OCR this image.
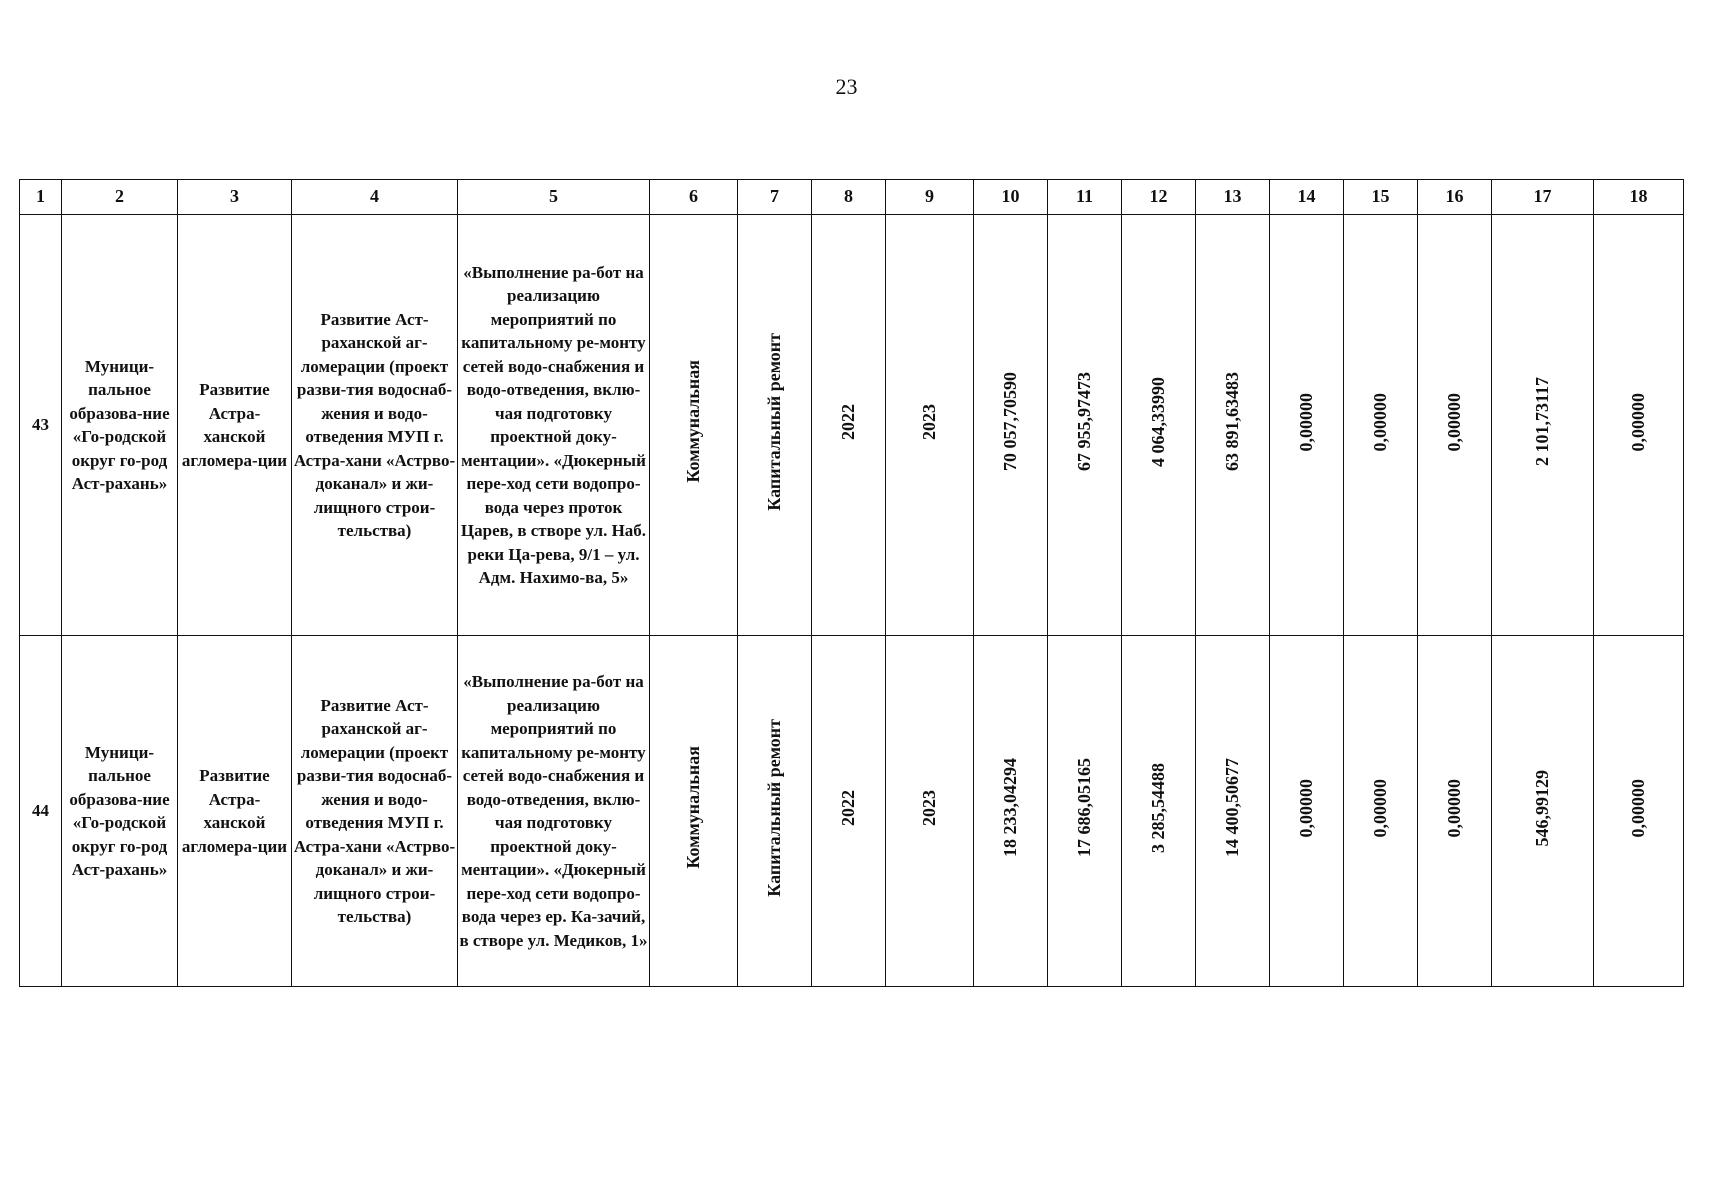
23
1	2	3	4	5	6	7	8	9	10	11	12	13	14	15	16	17	18
43	Муници-пальное образова-ние «Го-родской округ го-род Аст-рахань»	Развитие Астра-ханской агломера-ции	Развитие Аст-раханской аг-ломерации (проект разви-тия водоснаб-жения и водо-отведения МУП г. Астра-хани «Астрво-доканал» и жи-лищного строи-тельства)	«Выполнение ра-бот на реализацию мероприятий по капитальному ре-монту сетей водо-снабжения и водо-отведения, вклю-чая подготовку проектной доку-ментации». «Дюкерный пере-ход сети водопро-вода через проток Царев, в створе ул. Наб. реки Ца-рева, 9/1 – ул. Адм. Нахимо-ва, 5»	Коммунальная	Капитальный ремонт	2022	2023	70 057,70590	67 955,97473	4 064,33990	63 891,63483	0,00000	0,00000	0,00000	2 101,73117	0,00000
44	Муници-пальное образова-ние «Го-родской округ го-род Аст-рахань»	Развитие Астра-ханской агломера-ции	Развитие Аст-раханской аг-ломерации (проект разви-тия водоснаб-жения и водо-отведения МУП г. Астра-хани «Астрво-доканал» и жи-лищного строи-тельства)	«Выполнение ра-бот на реализацию мероприятий по капитальному ре-монту сетей водо-снабжения и водо-отведения, вклю-чая подготовку проектной доку-ментации». «Дюкерный пере-ход сети водопро-вода через ер. Ка-зачий, в створе ул. Медиков, 1»	Коммунальная	Капитальный ремонт	2022	2023	18 233,04294	17 686,05165	3 285,54488	14 400,50677	0,00000	0,00000	0,00000	546,99129	0,00000
